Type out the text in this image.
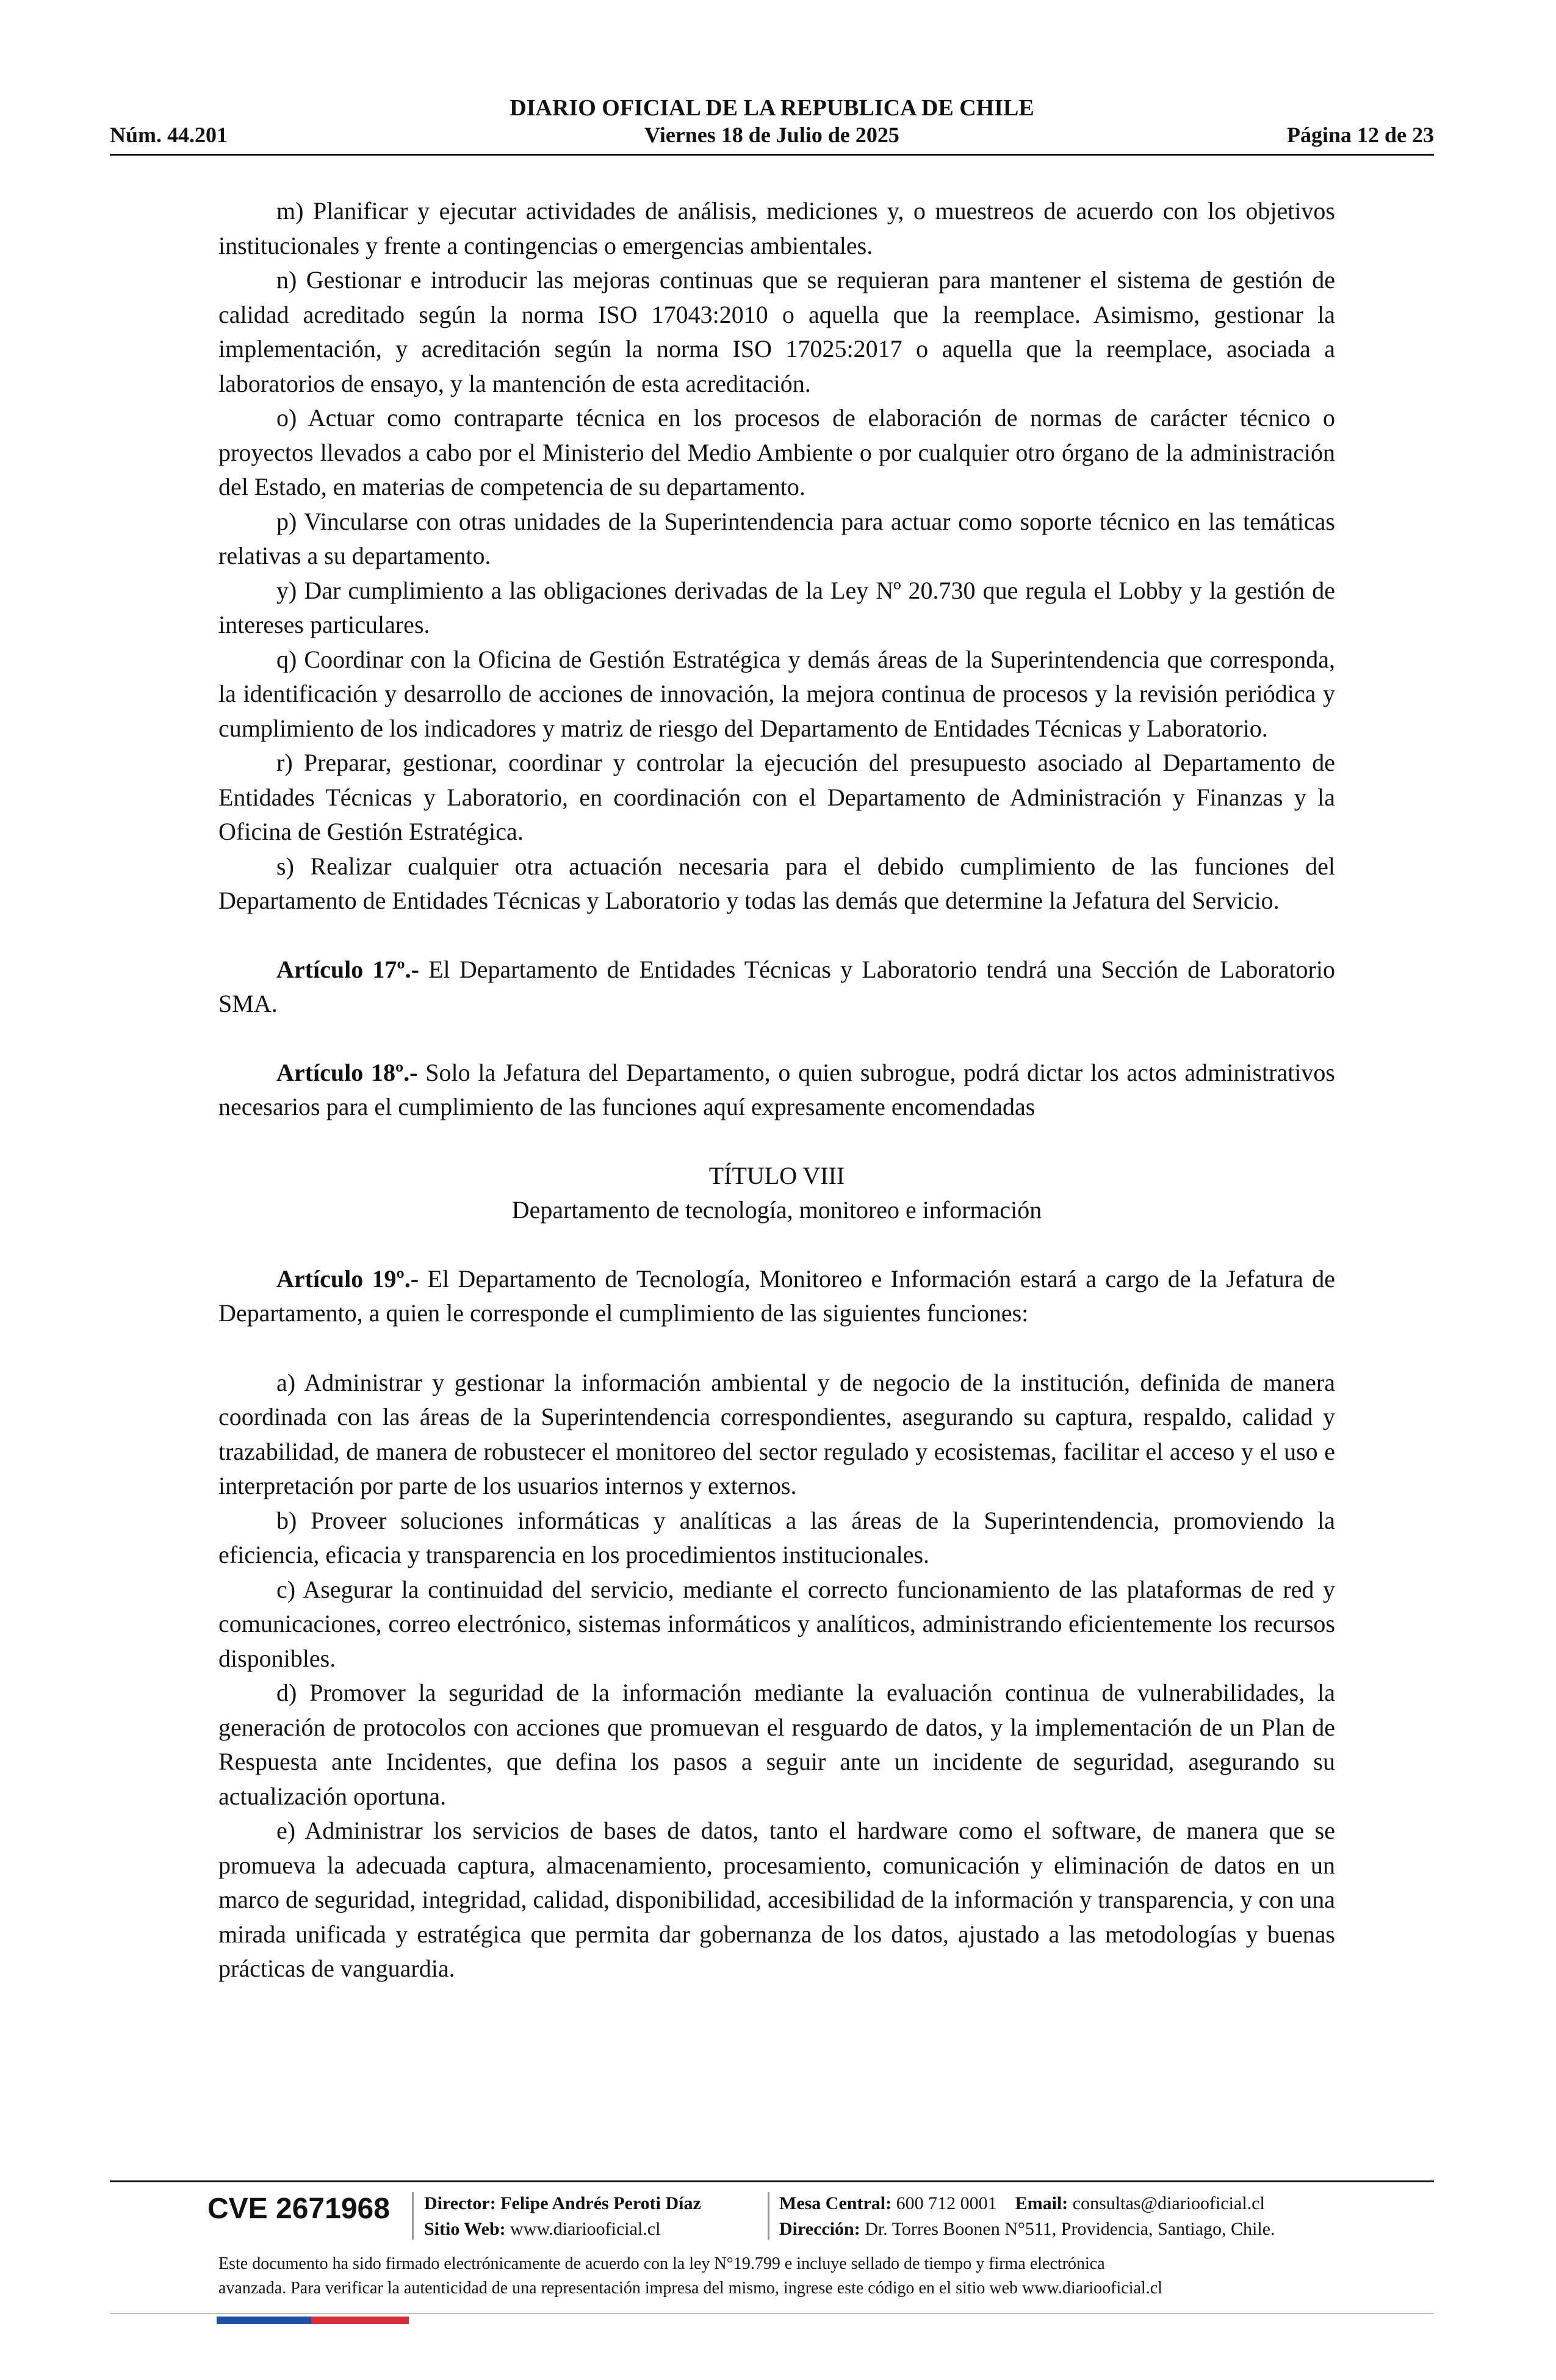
DIARIO OFICIAL DE LA REPUBLICA DE CHILE
Núm. 44.201	Viernes 18 de Julio de 2025	Página 12 de 23

m) Planificar y ejecutar actividades de análisis, mediciones y, o muestreos de acuerdo con los objetivos institucionales y frente a contingencias o emergencias ambientales.

n) Gestionar e introducir las mejoras continuas que se requieran para mantener el sistema de gestión de calidad acreditado según la norma ISO 17043:2010 o aquella que la reemplace. Asimismo, gestionar la implementación, y acreditación según la norma ISO 17025:2017 o aquella que la reemplace, asociada a laboratorios de ensayo, y la mantención de esta acreditación.

o) Actuar como contraparte técnica en los procesos de elaboración de normas de carácter técnico o proyectos llevados a cabo por el Ministerio del Medio Ambiente o por cualquier otro órgano de la administración del Estado, en materias de competencia de su departamento.

p) Vincularse con otras unidades de la Superintendencia para actuar como soporte técnico en las temáticas relativas a su departamento.

y) Dar cumplimiento a las obligaciones derivadas de la Ley Nº 20.730 que regula el Lobby y la gestión de intereses particulares.

q) Coordinar con la Oficina de Gestión Estratégica y demás áreas de la Superintendencia que corresponda, la identificación y desarrollo de acciones de innovación, la mejora continua de procesos y la revisión periódica y cumplimiento de los indicadores y matriz de riesgo del Departamento de Entidades Técnicas y Laboratorio.

r) Preparar, gestionar, coordinar y controlar la ejecución del presupuesto asociado al Departamento de Entidades Técnicas y Laboratorio, en coordinación con el Departamento de Administración y Finanzas y la Oficina de Gestión Estratégica.

s) Realizar cualquier otra actuación necesaria para el debido cumplimiento de las funciones del Departamento de Entidades Técnicas y Laboratorio y todas las demás que determine la Jefatura del Servicio.

Artículo 17º.- El Departamento de Entidades Técnicas y Laboratorio tendrá una Sección de Laboratorio SMA.

Artículo 18º.- Solo la Jefatura del Departamento, o quien subrogue, podrá dictar los actos administrativos necesarios para el cumplimiento de las funciones aquí expresamente encomendadas

TÍTULO VIII

Departamento de tecnología, monitoreo e información

Artículo 19º.- El Departamento de Tecnología, Monitoreo e Información estará a cargo de la Jefatura de Departamento, a quien le corresponde el cumplimiento de las siguientes funciones:

a) Administrar y gestionar la información ambiental y de negocio de la institución, definida de manera coordinada con las áreas de la Superintendencia correspondientes, asegurando su captura, respaldo, calidad y trazabilidad, de manera de robustecer el monitoreo del sector regulado y ecosistemas, facilitar el acceso y el uso e interpretación por parte de los usuarios internos y externos.

b) Proveer soluciones informáticas y analíticas a las áreas de la Superintendencia, promoviendo la eficiencia, eficacia y transparencia en los procedimientos institucionales.

c) Asegurar la continuidad del servicio, mediante el correcto funcionamiento de las plataformas de red y comunicaciones, correo electrónico, sistemas informáticos y analíticos, administrando eficientemente los recursos disponibles.

d) Promover la seguridad de la información mediante la evaluación continua de vulnerabilidades, la generación de protocolos con acciones que promuevan el resguardo de datos, y la implementación de un Plan de Respuesta ante Incidentes, que defina los pasos a seguir ante un incidente de seguridad, asegurando su actualización oportuna.

e) Administrar los servicios de bases de datos, tanto el hardware como el software, de manera que se promueva la adecuada captura, almacenamiento, procesamiento, comunicación y eliminación de datos en un marco de seguridad, integridad, calidad, disponibilidad, accesibilidad de la información y transparencia, y con una mirada unificada y estratégica que permita dar gobernanza de los datos, ajustado a las metodologías y buenas prácticas de vanguardia.

CVE 2671968 Director: Felipe Andrés Peroti Díaz
Sitio Web: www.diariooficial.cl
Mesa Central: 600 712 0001 Email: consultas@diariooficial.cl
Dirección: Dr. Torres Boonen N°511, Providencia, Santiago, Chile.
Este documento ha sido firmado electrónicamente de acuerdo con la ley N°19.799 e incluye sellado de tiempo y firma electrónica
avanzada. Para verificar la autenticidad de una representación impresa del mismo, ingrese este código en el sitio web www.diariooficial.cl
